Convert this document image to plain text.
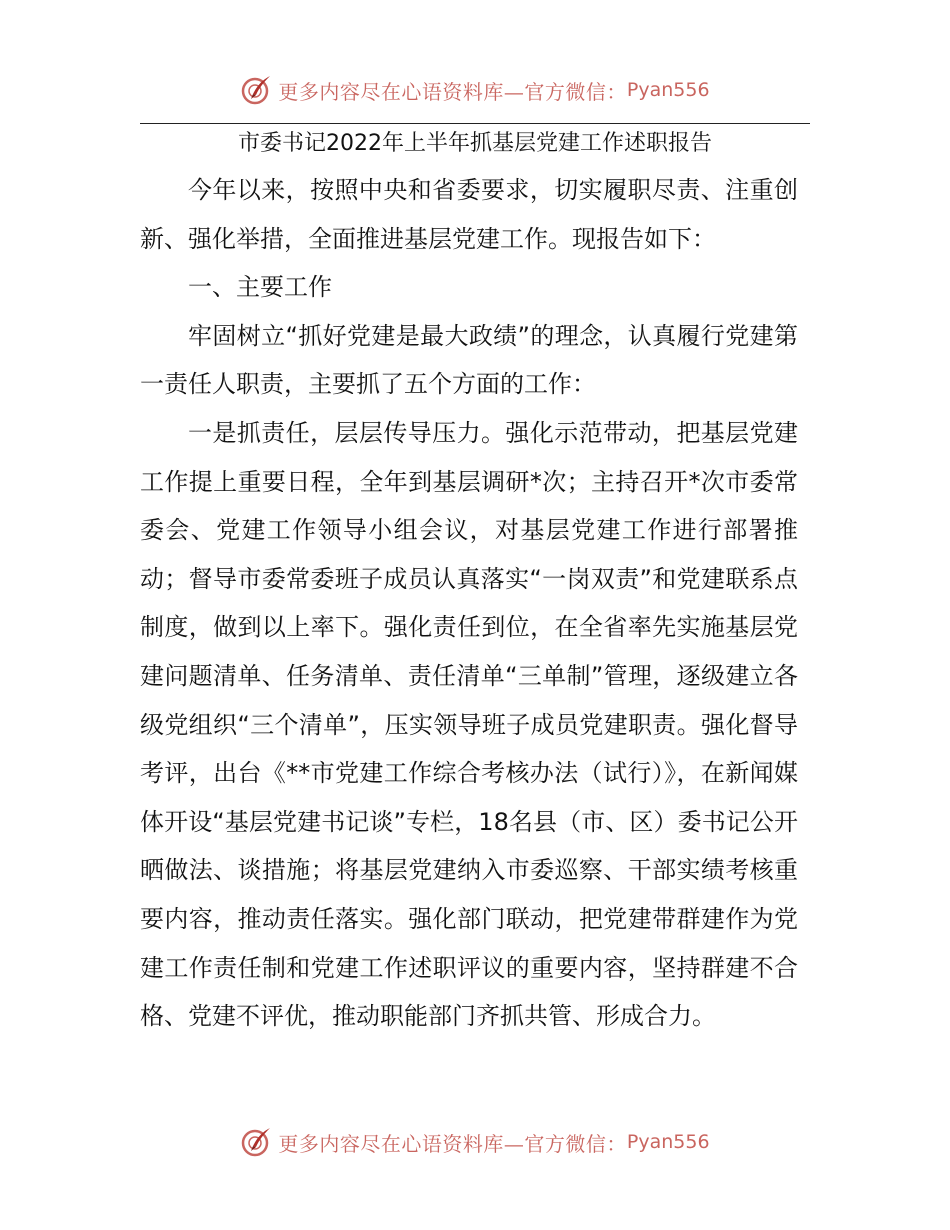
更多内容尽在心语资料库—官方微信： Pyan556
市委书记2022年上半年抓基层党建工作述职报告

今年以来，按照中央和省委要求，切实履职尽责、注重创新、强化举措，全面推进基层党建工作。现报告如下：

一、主要工作

牢固树立“抓好党建是最大政绩”的理念，认真履行党建第一责任人职责，主要抓了五个方面的工作：

一是抓责任，层层传导压力。强化示范带动，把基层党建工作提上重要日程，全年到基层调研*次；主持召开*次市委常委会、党建工作领导小组会议，对基层党建工作进行部署推动；督导市委常委班子成员认真落实“一岗双责”和党建联系点制度，做到以上率下。强化责任到位，在全省率先实施基层党建问题清单、任务清单、责任清单“三单制”管理，逐级建立各级党组织“三个清单”，压实领导班子成员党建职责。强化督导考评，出台《**市党建工作综合考核办法（试行）》，在新闻媒体开设“基层党建书记谈”专栏，18名县（市、区）委书记公开晒做法、谈措施；将基层党建纳入市委巡察、干部实绩考核重要内容，推动责任落实。强化部门联动，把党建带群建作为党建工作责任制和党建工作述职评议的重要内容，坚持群建不合格、党建不评优，推动职能部门齐抓共管、形成合力。

更多内容尽在心语资料库—官方微信： Pyan556
